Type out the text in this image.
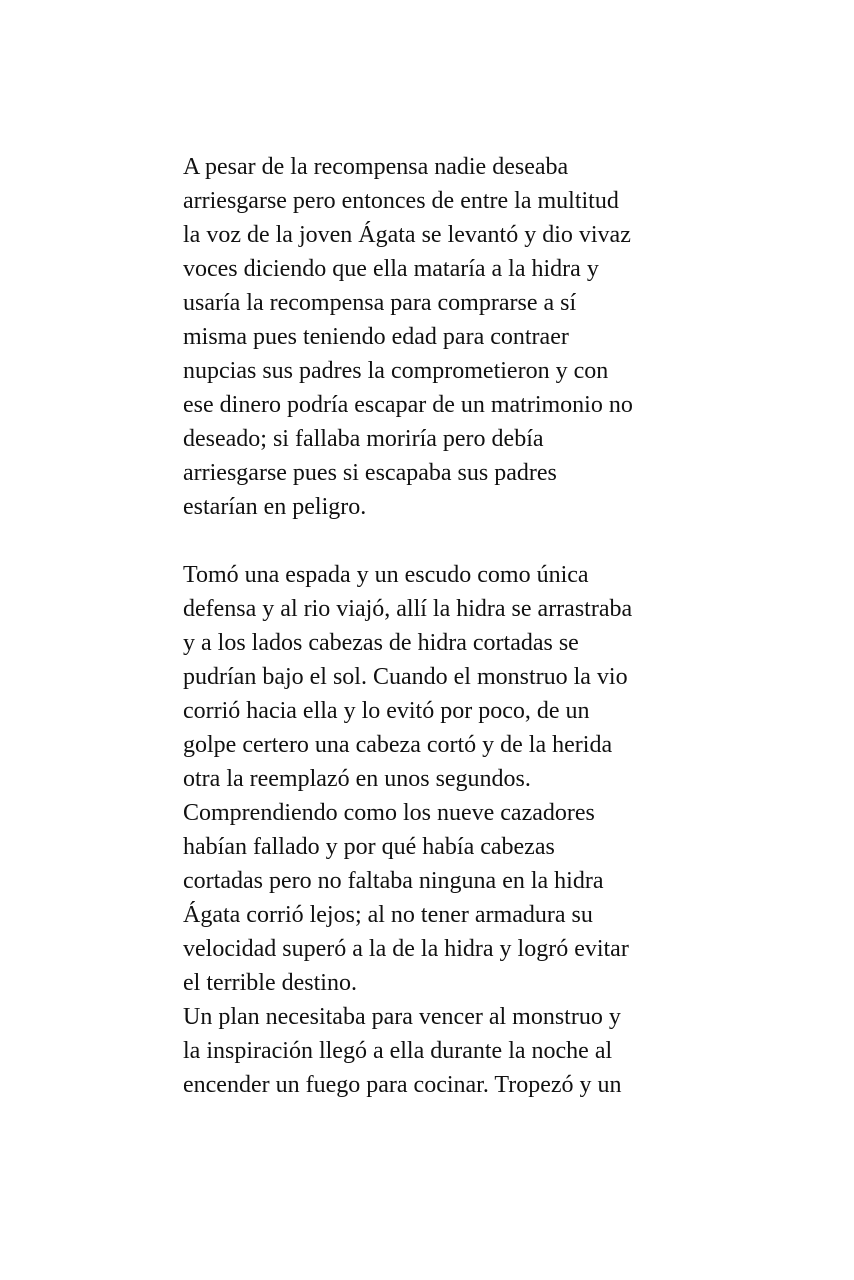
A pesar de la recompensa nadie deseaba
arriesgarse pero entonces de entre la multitud
la voz de la joven Ágata se levantó y dio vivaz
voces diciendo que ella mataría a la hidra y
usaría la recompensa para comprarse a sí
misma pues teniendo edad para contraer
nupcias sus padres la comprometieron y con
ese dinero podría escapar de un matrimonio no
deseado; si fallaba moriría pero debía
arriesgarse pues si escapaba sus padres
estarían en peligro.

Tomó una espada y un escudo como única
defensa y al rio viajó, allí la hidra se arrastraba
y a los lados cabezas de hidra cortadas se
pudrían bajo el sol. Cuando el monstruo la vio
corrió hacia ella y lo evitó por poco, de un
golpe certero una cabeza cortó y de la herida
otra la reemplazó en unos segundos.
Comprendiendo como los nueve cazadores
habían fallado y por qué había cabezas
cortadas pero no faltaba ninguna en la hidra
Ágata corrió lejos; al no tener armadura su
velocidad superó a la de la hidra y logró evitar
el terrible destino.

Un plan necesitaba para vencer al monstruo y
la inspiración llegó a ella durante la noche al
encender un fuego para cocinar. Tropezó y un
